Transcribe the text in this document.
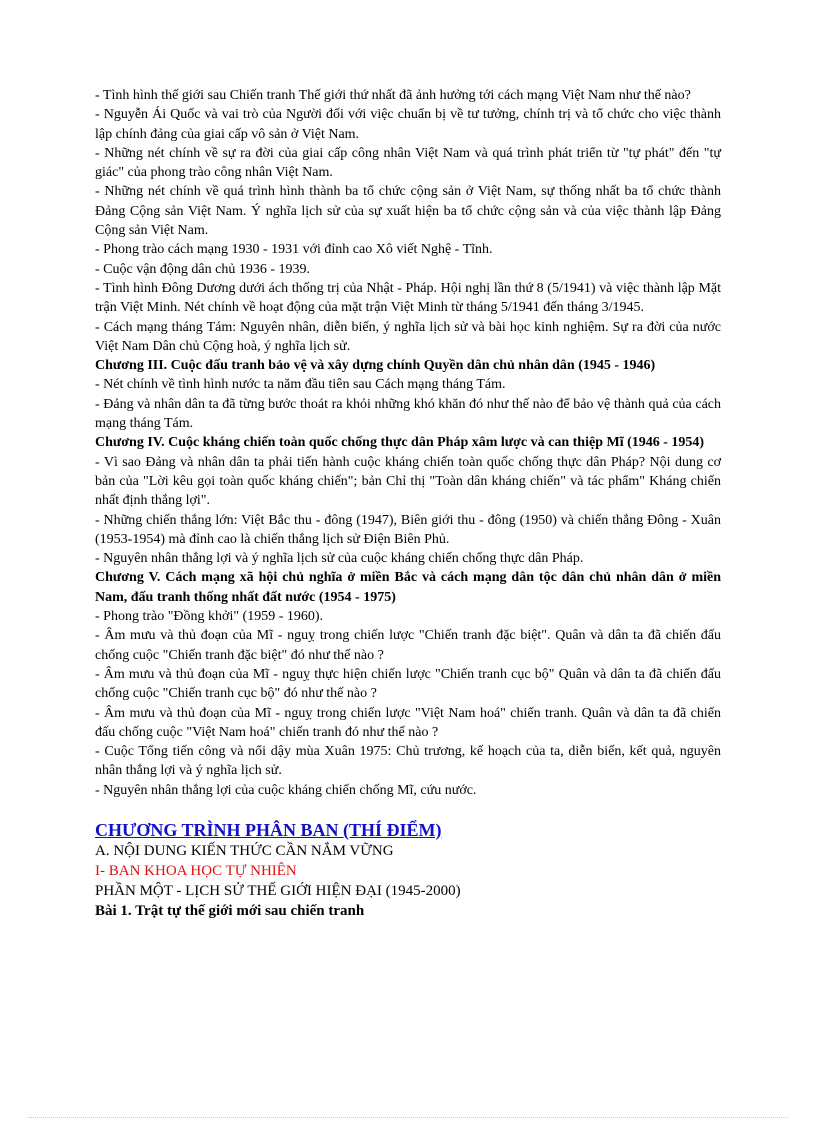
- Tình hình thế giới sau Chiến tranh Thế giới thứ nhất đã ảnh hưởng tới cách mạng Việt Nam như thế nào?

- Nguyễn Ái Quốc và vai trò của Người đối với việc chuẩn bị về tư tưởng, chính trị và tổ chức cho việc thành lập chính đảng của giai cấp vô sản ở Việt Nam.

- Những nét chính về sự ra đời của giai cấp công nhân Việt Nam và quá trình phát triển từ "tự phát" đến "tự giác" của phong trào công nhân Việt Nam.

- Những nét chính về quá trình hình thành ba tổ chức cộng sản ở Việt Nam, sự thống nhất ba tổ chức thành Đảng Cộng sản Việt Nam. Ý nghĩa lịch sử của sự xuất hiện ba tổ chức cộng sản và của việc thành lập Đảng Cộng sản Việt Nam.

- Phong trào cách mạng 1930 - 1931 với đỉnh cao Xô viết Nghệ - Tĩnh.

- Cuộc vận động dân chủ 1936 - 1939.

- Tình hình Đông Dương dưới ách thống trị của Nhật - Pháp. Hội nghị lần thứ 8 (5/1941) và việc thành lập Mặt trận Việt Minh. Nét chính về hoạt động của mặt trận Việt Minh từ tháng 5/1941 đến tháng 3/1945.

- Cách mạng tháng Tám: Nguyên nhân, diễn biến, ý nghĩa lịch sử và bài học kinh nghiệm. Sự ra đời của nước Việt Nam Dân chủ Cộng hoà, ý nghĩa lịch sử.

Chương III. Cuộc đấu tranh bảo vệ và xây dựng chính Quyền dân chủ nhân dân (1945 - 1946)

- Nét chính về tình hình nước ta năm đầu tiên sau Cách mạng tháng Tám.

- Đảng và nhân dân ta đã từng bước thoát ra khỏi những khó khăn đó như thế nào để bảo vệ thành quả của cách mạng tháng Tám.

Chương IV. Cuộc kháng chiến toàn quốc chống thực dân Pháp xâm lược và can thiệp Mĩ (1946 - 1954)

- Vì sao Đảng và nhân dân ta phải tiến hành cuộc kháng chiến toàn quốc chống thực dân Pháp? Nội dung cơ bản của "Lời kêu gọi toàn quốc kháng chiến"; bản Chỉ thị "Toàn dân kháng chiến" và tác phẩm" Kháng chiến nhất định thắng lợi".

- Những chiến thắng lớn: Việt Bắc thu - đông (1947), Biên giới thu - đông (1950) và chiến thắng Đông - Xuân (1953-1954) mà đỉnh cao là chiến thắng lịch sử Điện Biên Phủ.

- Nguyên nhân thắng lợi và ý nghĩa lịch sử của cuộc kháng chiến chống thực dân Pháp.

Chương V. Cách mạng xã hội chủ nghĩa ở miền Bắc và cách mạng dân tộc dân chủ nhân dân ở miền Nam, đấu tranh thống nhất đất nước (1954 - 1975)

- Phong trào "Đồng khởi" (1959 - 1960).

- Âm mưu và thủ đoạn của Mĩ - nguỵ trong chiến lược "Chiến tranh đặc biệt". Quân và dân ta đã chiến đấu chống cuộc "Chiến tranh đặc biệt" đó như thế nào ?

- Âm mưu và thủ đoạn của Mĩ - nguỵ thực hiện chiến lược "Chiến tranh cục bộ" Quân và dân ta đã chiến đấu chống cuộc "Chiến tranh cục bộ" đó như thế nào ?

- Âm mưu và thủ đoạn của Mĩ - nguỵ trong chiến lược "Việt Nam hoá" chiến tranh. Quân và dân ta đã chiến đấu chống cuộc "Việt Nam hoá" chiến tranh đó như thế nào ?

- Cuộc Tổng tiến công và nổi dậy mùa Xuân 1975: Chủ trương, kế hoạch của ta, diễn biến, kết quả, nguyên nhân thắng lợi và ý nghĩa lịch sử.

- Nguyên nhân thắng lợi của cuộc kháng chiến chống Mĩ, cứu nước.

CHƯƠNG TRÌNH PHÂN BAN (THÍ ĐIỂM)
A. NỘI DUNG KIẾN THỨC CẦN NẮM VỮNG
I- BAN KHOA HỌC TỰ NHIÊN
PHẦN MỘT - LỊCH SỬ THẾ GIỚI HIỆN ĐẠI (1945-2000)
Bài 1. Trật tự thế giới mới sau chiến tranh
